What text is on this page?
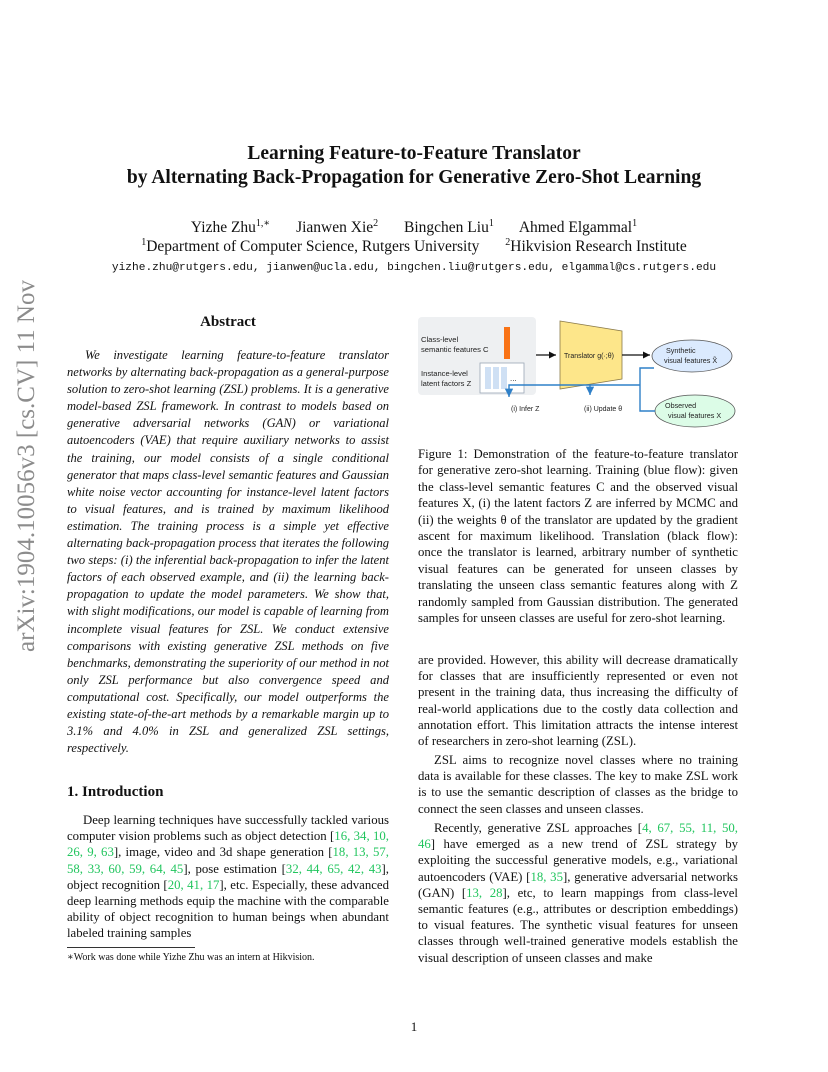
arXiv:1904.10056v3 [cs.CV] 11 Nov 2019
Learning Feature-to-Feature Translator
by Alternating Back-Propagation for Generative Zero-Shot Learning
Yizhe Zhu$^{1,∗}$ Jianwen Xie$^2$ Bingchen Liu$^1$ Ahmed Elgammal$^1$
$^1$Department of Computer Science, Rutgers University	$^2$Hikvision Research Institute
yizhe.zhu@rutgers.edu, jianwen@ucla.edu, bingchen.liu@rutgers.edu, elgammal@cs.rutgers.edu
Abstract
We investigate learning feature-to-feature translator networks by alternating back-propagation as a general-purpose solution to zero-shot learning (ZSL) problems. It is a generative model-based ZSL framework. In contrast to models based on generative adversarial networks (GAN) or variational autoencoders (VAE) that require auxiliary networks to assist the training, our model consists of a single conditional generator that maps class-level semantic features and Gaussian white noise vector accounting for instance-level latent factors to visual features, and is trained by maximum likelihood estimation. The training process is a simple yet effective alternating back-propagation process that iterates the following two steps: (i) the inferential back-propagation to infer the latent factors of each observed example, and (ii) the learning back-propagation to update the model parameters. We show that, with slight modifications, our model is capable of learning from incomplete visual features for ZSL. We conduct extensive comparisons with existing generative ZSL methods on five benchmarks, demonstrating the superiority of our method in not only ZSL performance but also convergence speed and computational cost. Specifically, our model outperforms the existing state-of-the-art methods by a remarkable margin up to 3.1% and 4.0% in ZSL and generalized ZSL settings, respectively.
1. Introduction
Deep learning techniques have successfully tackled various computer vision problems such as object detection [16, 34, 10, 26, 9, 63], image, video and 3d shape generation [18, 13, 57, 58, 33, 60, 59, 64, 45], pose estimation [32, 44, 65, 42, 43], object recognition [20, 41, 17], etc. Especially, these advanced deep learning methods equip the machine with the comparable ability of object recognition to human beings when abundant labeled training samples
∗Work was done while Yizhe Zhu was an intern at Hikvision.
Class-level
semantic features C
Instance-level
latent factors Z
...
Translator g(·;θ)
Synthetic
visual features X̃
Observed
visual features X
(i) Infer Z	(ii) Update θ
Figure 1: Demonstration of the feature-to-feature translator for generative zero-shot learning. Training (blue flow): given the class-level semantic features C and the observed visual features X, (i) the latent factors Z are inferred by MCMC and (ii) the weights θ of the translator are updated by the gradient ascent for maximum likelihood. Translation (black flow): once the translator is learned, arbitrary number of synthetic visual features can be generated for unseen classes by translating the unseen class semantic features along with Z randomly sampled from Gaussian distribution. The generated samples for unseen classes are useful for zero-shot learning.
are provided. However, this ability will decrease dramatically for classes that are insufficiently represented or even not present in the training data, thus increasing the difficulty of real-world applications due to the costly data collection and annotation effort. This limitation attracts the intense interest of researchers in zero-shot learning (ZSL).
ZSL aims to recognize novel classes where no training data is available for these classes. The key to make ZSL work is to use the semantic description of classes as the bridge to connect the seen classes and unseen classes.
Recently, generative ZSL approaches [4, 67, 55, 11, 50, 46] have emerged as a new trend of ZSL strategy by exploiting the successful generative models, e.g., variational autoencoders (VAE) [18, 35], generative adversarial networks (GAN) [13, 28], etc, to learn mappings from class-level semantic features (e.g., attributes or description embeddings) to visual features. The synthetic visual features for unseen classes through well-trained generative models establish the visual description of unseen classes and make
1
